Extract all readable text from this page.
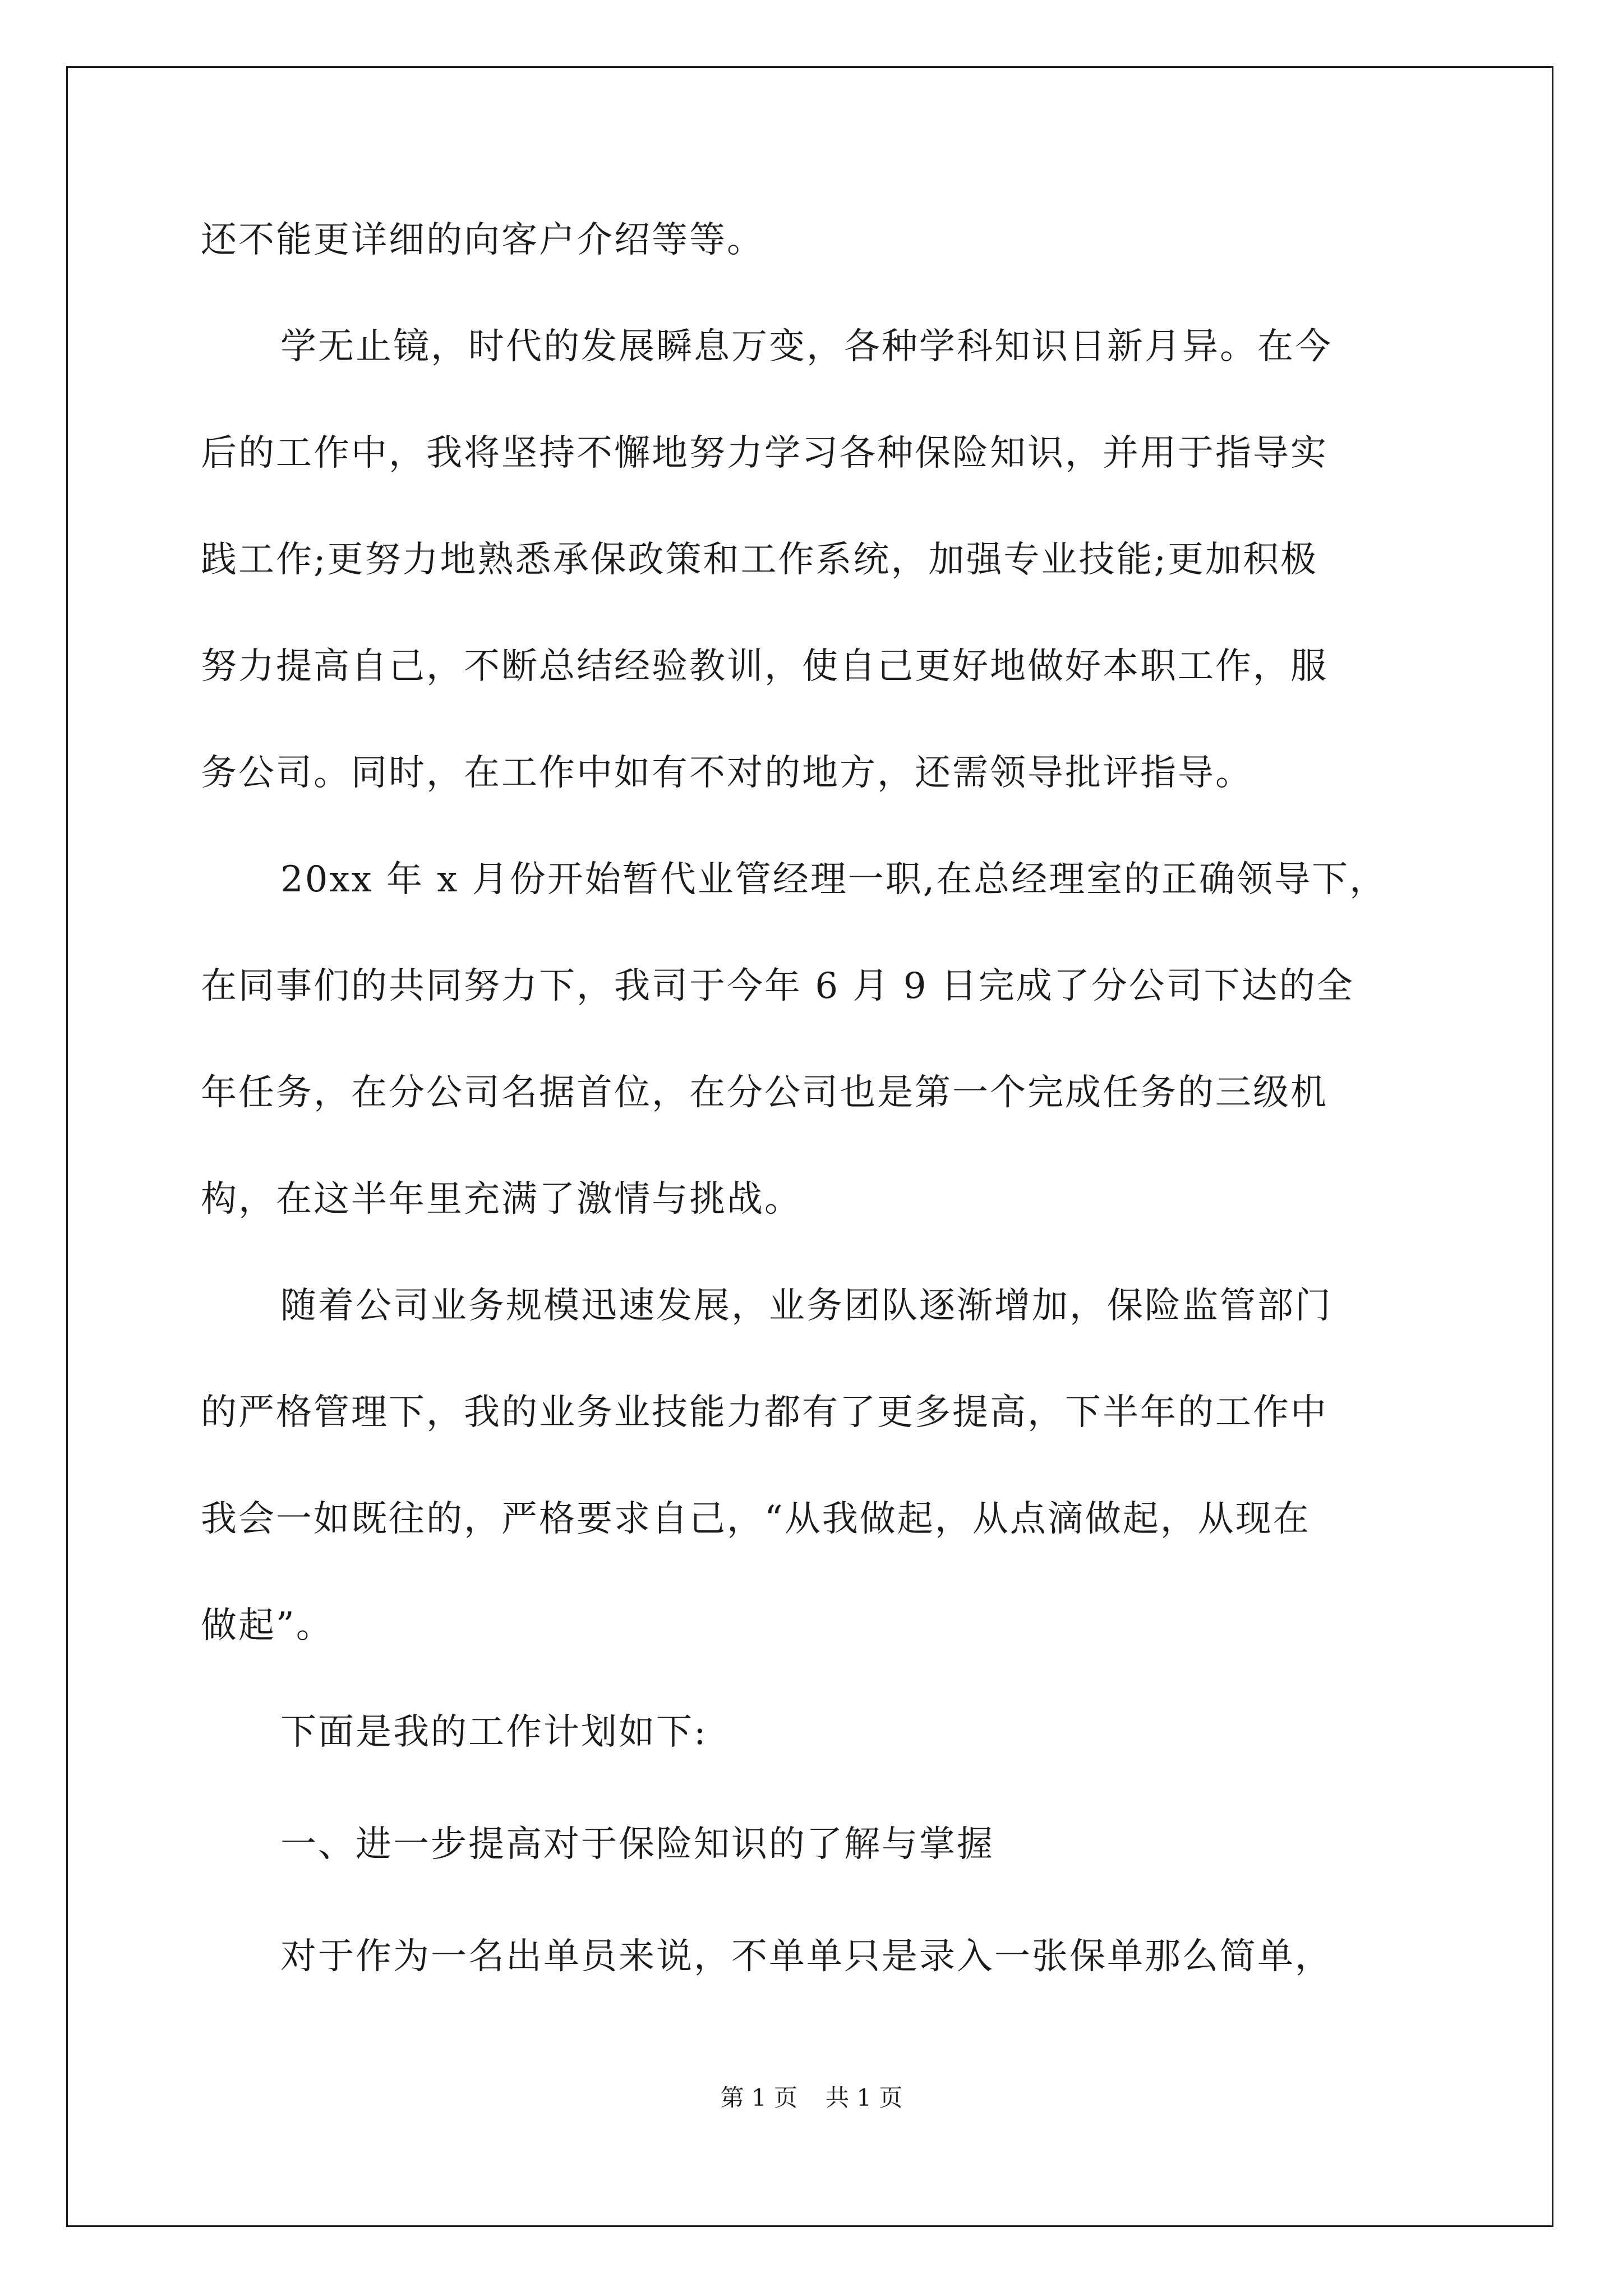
还不能更详细的向客户介绍等等。

学无止镜，时代的发展瞬息万变，各种学科知识日新月异。在今

后的工作中，我将坚持不懈地努力学习各种保险知识，并用于指导实

践工作;更努力地熟悉承保政策和工作系统，加强专业技能;更加积极

努力提高自己，不断总结经验教训，使自己更好地做好本职工作，服

务公司。同时，在工作中如有不对的地方，还需领导批评指导。

20xx 年 x 月份开始暂代业管经理一职,在总经理室的正确领导下，

在同事们的共同努力下，我司于今年 6 月 9 日完成了分公司下达的全

年任务，在分公司名据首位，在分公司也是第一个完成任务的三级机

构，在这半年里充满了激情与挑战。

随着公司业务规模迅速发展，业务团队逐渐增加，保险监管部门

的严格管理下，我的业务业技能力都有了更多提高，下半年的工作中

我会一如既往的，严格要求自己，“从我做起，从点滴做起，从现在

做起”。

下面是我的工作计划如下:

一、进一步提高对于保险知识的了解与掌握

第 1 页 共 1 页

对于作为一名出单员来说，不单单只是录入一张保单那么简单，
